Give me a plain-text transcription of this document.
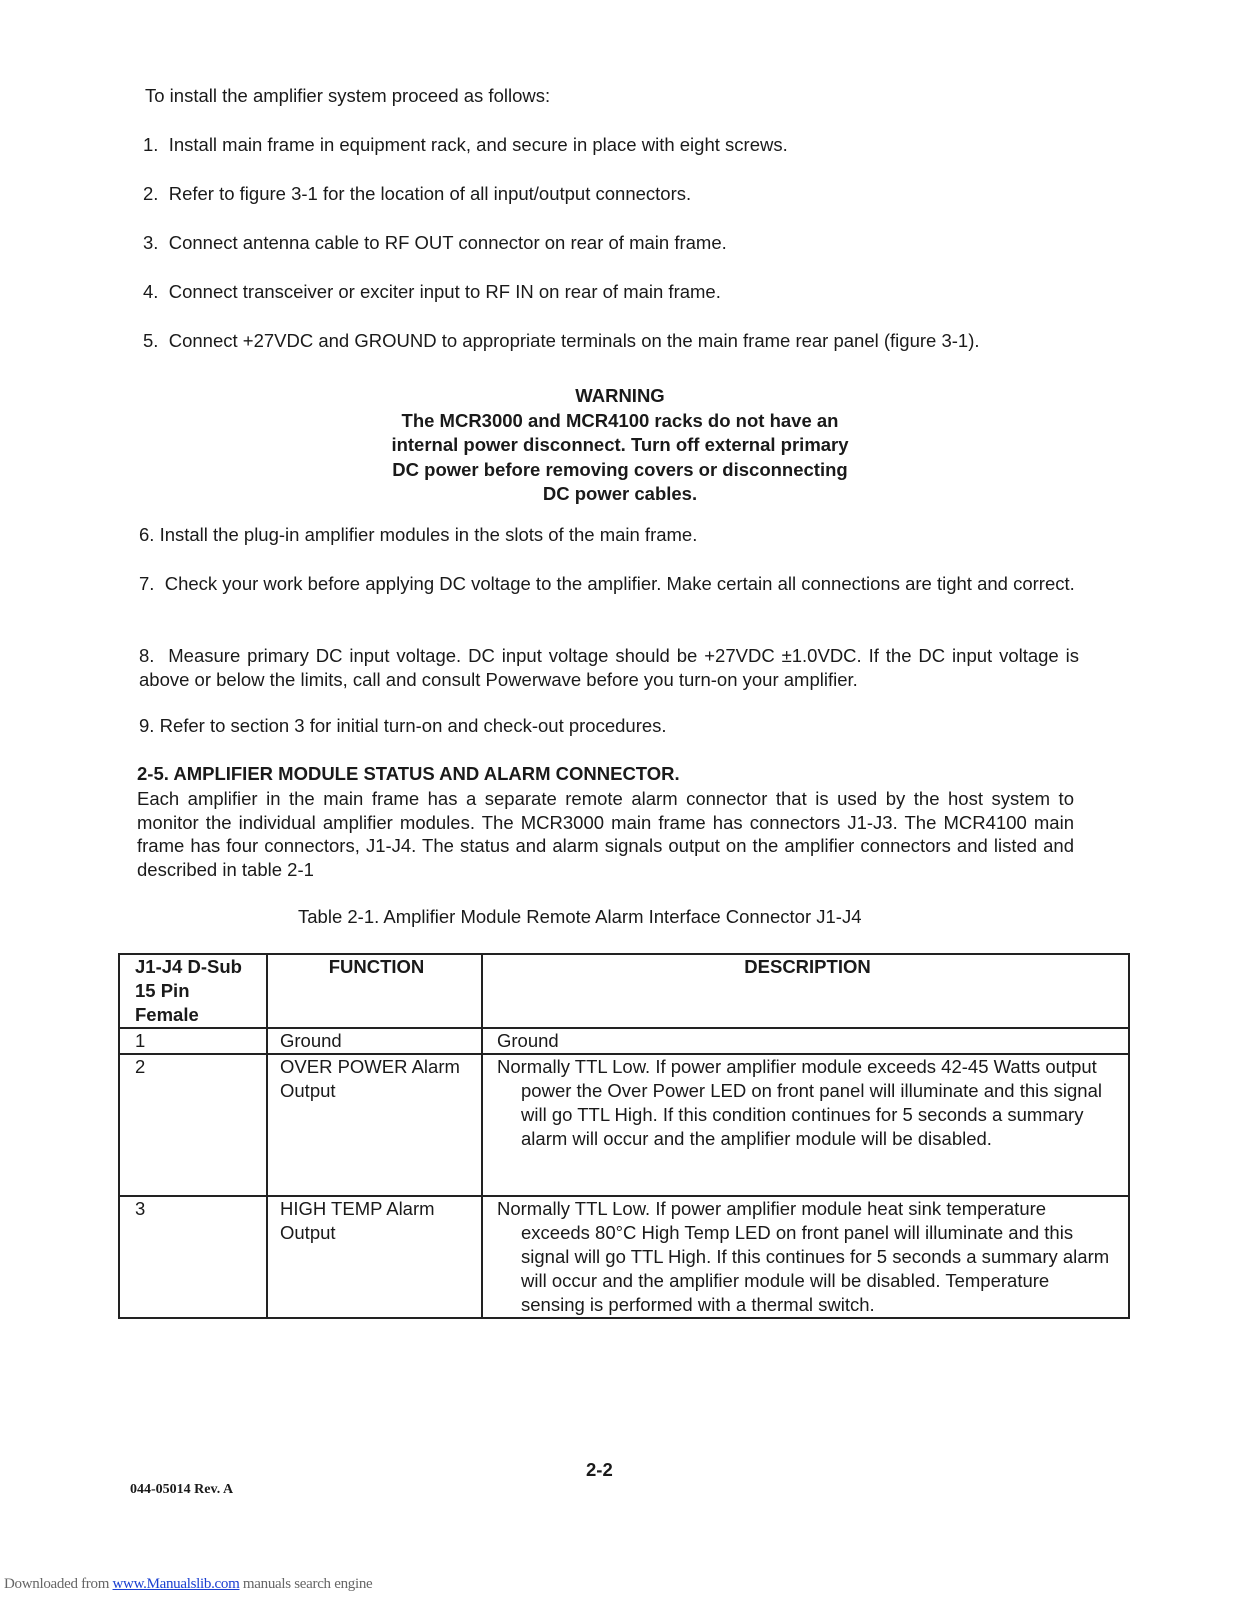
To install the amplifier system proceed as follows:
1. Install main frame in equipment rack, and secure in place with eight screws.
2. Refer to figure 3-1 for the location of all input/output connectors.
3. Connect antenna cable to RF OUT connector on rear of main frame.
4. Connect transceiver or exciter input to RF IN on rear of main frame.
5. Connect +27VDC and GROUND to appropriate terminals on the main frame rear panel (figure 3-1).
WARNING
The MCR3000 and MCR4100 racks do not have an
internal power disconnect. Turn off external primary
DC power before removing covers or disconnecting
DC power cables.
6. Install the plug-in amplifier modules in the slots of the main frame.
7. Check your work before applying DC voltage to the amplifier. Make certain all connections are tight and correct.
8. Measure primary DC input voltage. DC input voltage should be +27VDC ±1.0VDC. If the DC input voltage is above or below the limits, call and consult Powerwave before you turn-on your amplifier.
9. Refer to section 3 for initial turn-on and check-out procedures.
2-5. AMPLIFIER MODULE STATUS AND ALARM CONNECTOR.
Each amplifier in the main frame has a separate remote alarm connector that is used by the host system to monitor the individual amplifier modules. The MCR3000 main frame has connectors J1-J3. The MCR4100 main frame has four connectors, J1-J4. The status and alarm signals output on the amplifier connectors and listed and described in table 2-1
Table 2-1. Amplifier Module Remote Alarm Interface Connector J1-J4
J1-J4 D-Sub 15 Pin Female	FUNCTION	DESCRIPTION
1	Ground	Ground
2	OVER POWER Alarm Output	Normally TTL Low. If power amplifier module exceeds 42-45 Watts output power the Over Power LED on front panel will illuminate and this signal will go TTL High. If this condition continues for 5 seconds a summary alarm will occur and the amplifier module will be disabled.

3	HIGH TEMP Alarm Output	Normally TTL Low. If power amplifier module heat sink temperature exceeds 80°C High Temp LED on front panel will illuminate and this signal will go TTL High. If this continues for 5 seconds a summary alarm will occur and the amplifier module will be disabled. Temperature sensing is performed with a thermal switch.
2-2
044-05014 Rev. A
Downloaded from www.Manualslib.com manuals search engine
